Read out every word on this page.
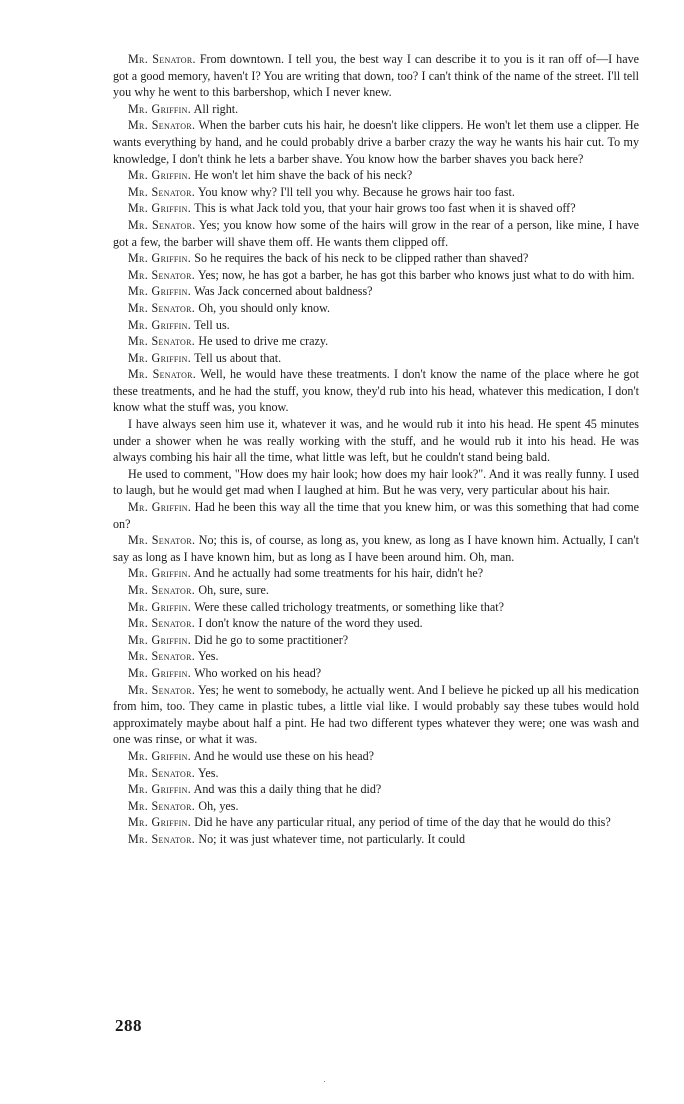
Mr. Senator. From downtown. I tell you, the best way I can describe it to you is it ran off of—I have got a good memory, haven't I? You are writing that down, too? I can't think of the name of the street. I'll tell you why he went to this barbershop, which I never knew.

Mr. Griffin. All right.

Mr. Senator. When the barber cuts his hair, he doesn't like clippers. He won't let them use a clipper. He wants everything by hand, and he could probably drive a barber crazy the way he wants his hair cut. To my knowledge, I don't think he lets a barber shave. You know how the barber shaves you back here?

Mr. Griffin. He won't let him shave the back of his neck?

Mr. Senator. You know why? I'll tell you why. Because he grows hair too fast.

Mr. Griffin. This is what Jack told you, that your hair grows too fast when it is shaved off?

Mr. Senator. Yes; you know how some of the hairs will grow in the rear of a person, like mine, I have got a few, the barber will shave them off. He wants them clipped off.

Mr. Griffin. So he requires the back of his neck to be clipped rather than shaved?

Mr. Senator. Yes; now, he has got a barber, he has got this barber who knows just what to do with him.

Mr. Griffin. Was Jack concerned about baldness?

Mr. Senator. Oh, you should only know.

Mr. Griffin. Tell us.

Mr. Senator. He used to drive me crazy.

Mr. Griffin. Tell us about that.

Mr. Senator. Well, he would have these treatments. I don't know the name of the place where he got these treatments, and he had the stuff, you know, they'd rub into his head, whatever this medication, I don't know what the stuff was, you know.

I have always seen him use it, whatever it was, and he would rub it into his head. He spent 45 minutes under a shower when he was really working with the stuff, and he would rub it into his head. He was always combing his hair all the time, what little was left, but he couldn't stand being bald.

He used to comment, "How does my hair look; how does my hair look?". And it was really funny. I used to laugh, but he would get mad when I laughed at him. But he was very, very particular about his hair.

Mr. Griffin. Had he been this way all the time that you knew him, or was this something that had come on?

Mr. Senator. No; this is, of course, as long as, you knew, as long as I have known him. Actually, I can't say as long as I have known him, but as long as I have been around him. Oh, man.

Mr. Griffin. And he actually had some treatments for his hair, didn't he?

Mr. Senator. Oh, sure, sure.

Mr. Griffin. Were these called trichology treatments, or something like that?

Mr. Senator. I don't know the nature of the word they used.

Mr. Griffin. Did he go to some practitioner?

Mr. Senator. Yes.

Mr. Griffin. Who worked on his head?

Mr. Senator. Yes; he went to somebody, he actually went. And I believe he picked up all his medication from him, too. They came in plastic tubes, a little vial like. I would probably say these tubes would hold approximately maybe about half a pint. He had two different types whatever they were; one was wash and one was rinse, or what it was.

Mr. Griffin. And he would use these on his head?

Mr. Senator. Yes.

Mr. Griffin. And was this a daily thing that he did?

Mr. Senator. Oh, yes.

Mr. Griffin. Did he have any particular ritual, any period of time of the day that he would do this?

Mr. Senator. No; it was just whatever time, not particularly. It could

288
